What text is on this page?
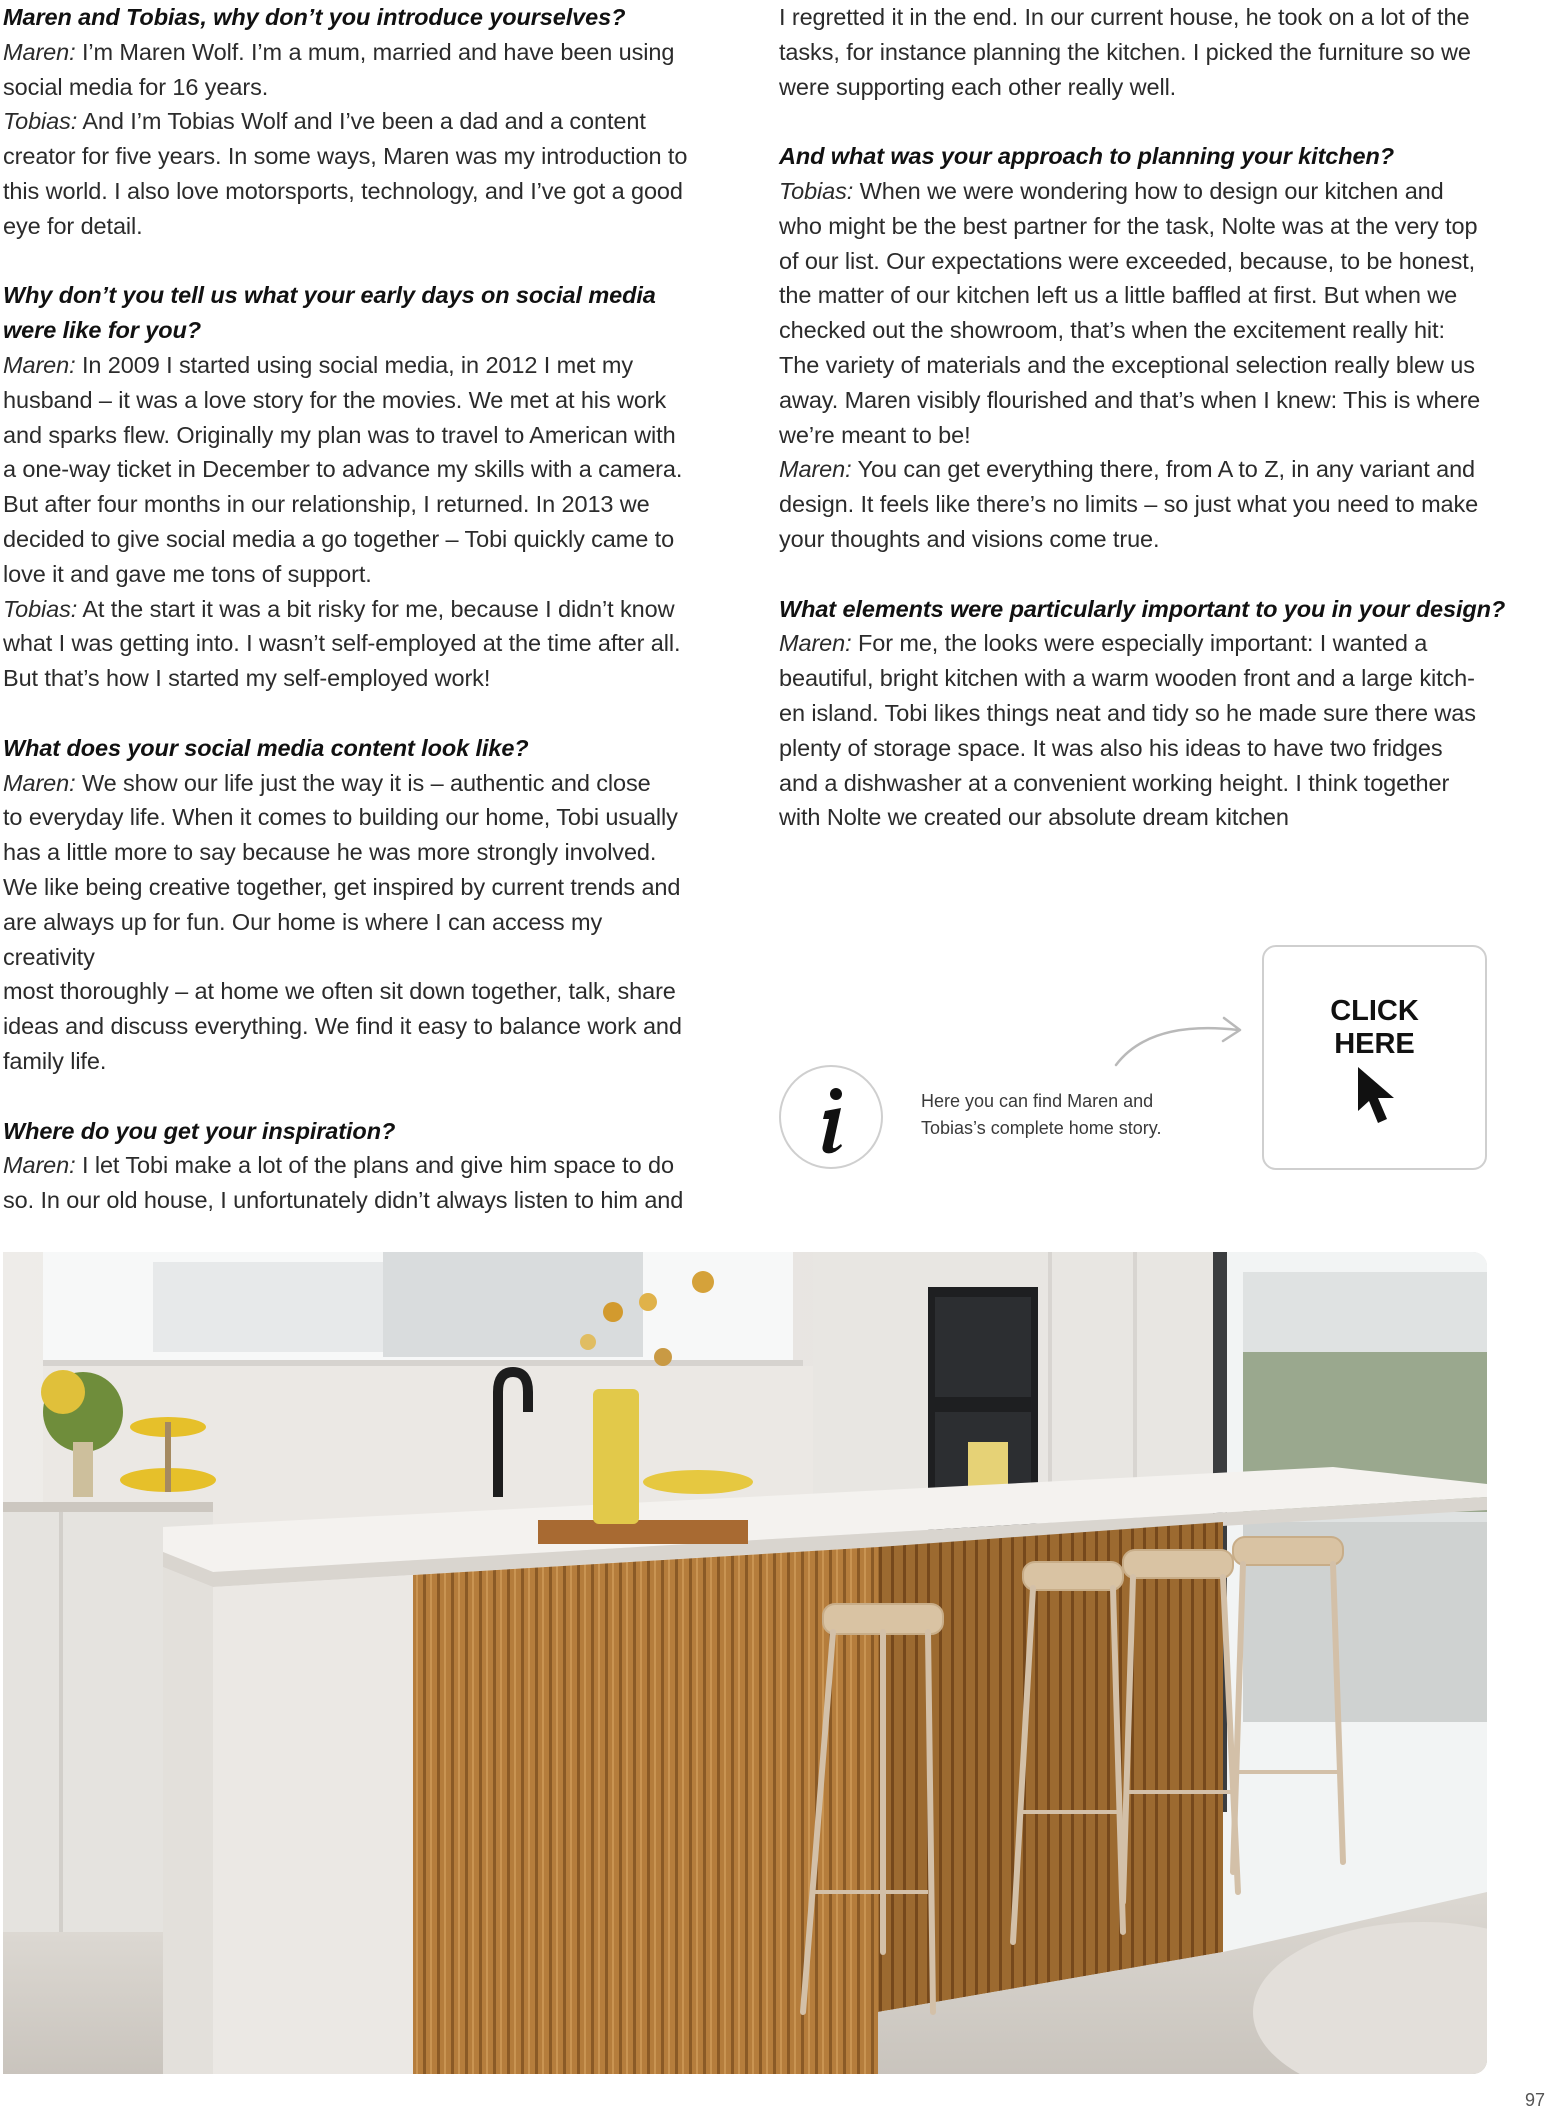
Maren and Tobias, why don’t you introduce yourselves?

Maren: I’m Maren Wolf. I’m a mum, married and have been using
social media for 16 years.

Tobias: And I’m Tobias Wolf and I’ve been a dad and a content
creator for five years. In some ways, Maren was my introduction to
this world. I also love motorsports, technology, and I’ve got a good
eye for detail.

Why don’t you tell us what your early days on social media
were like for you?

Maren: In 2009 I started using social media, in 2012 I met my
husband – it was a love story for the movies. We met at his work
and sparks flew. Originally my plan was to travel to American with
a one-way ticket in December to advance my skills with a camera.
But after four months in our relationship, I returned. In 2013 we
decided to give social media a go together – Tobi quickly came to
love it and gave me tons of support.

Tobias: At the start it was a bit risky for me, because I didn’t know
what I was getting into. I wasn’t self-employed at the time after all.
But that’s how I started my self-employed work!

What does your social media content look like?

Maren: We show our life just the way it is – authentic and close
to everyday life. When it comes to building our home, Tobi usually
has a little more to say because he was more strongly involved.
We like being creative together, get inspired by current trends and
are always up for fun. Our home is where I can access my creativity
most thoroughly – at home we often sit down together, talk, share
ideas and discuss everything. We find it easy to balance work and
family life.

Where do you get your inspiration?

Maren: I let Tobi make a lot of the plans and give him space to do
so. In our old house, I unfortunately didn’t always listen to him and

I regretted it in the end. In our current house, he took on a lot of the
tasks, for instance planning the kitchen. I picked the furniture so we
were supporting each other really well.

And what was your approach to planning your kitchen?

Tobias: When we were wondering how to design our kitchen and
who might be the best partner for the task, Nolte was at the very top
of our list. Our expectations were exceeded, because, to be honest,
the matter of our kitchen left us a little baffled at first. But when we
checked out the showroom, that’s when the excitement really hit:
The variety of materials and the exceptional selection really blew us
away. Maren visibly flourished and that’s when I knew: This is where
we’re meant to be!

Maren: You can get everything there, from A to Z, in any variant and
design. It feels like there’s no limits – so just what you need to make
your thoughts and visions come true.

What elements were particularly important to you in your design?

Maren: For me, the looks were especially important: I wanted a
beautiful, bright kitchen with a warm wooden front and a large kitch-
en island. Tobi likes things neat and tidy so he made sure there was
plenty of storage space. It was also his ideas to have two fridges
and a dishwasher at a convenient working height. I think together
with Nolte we created our absolute dream kitchen

Here you can find Maren and
Tobias’s complete home story.
CLICK
HERE
97
